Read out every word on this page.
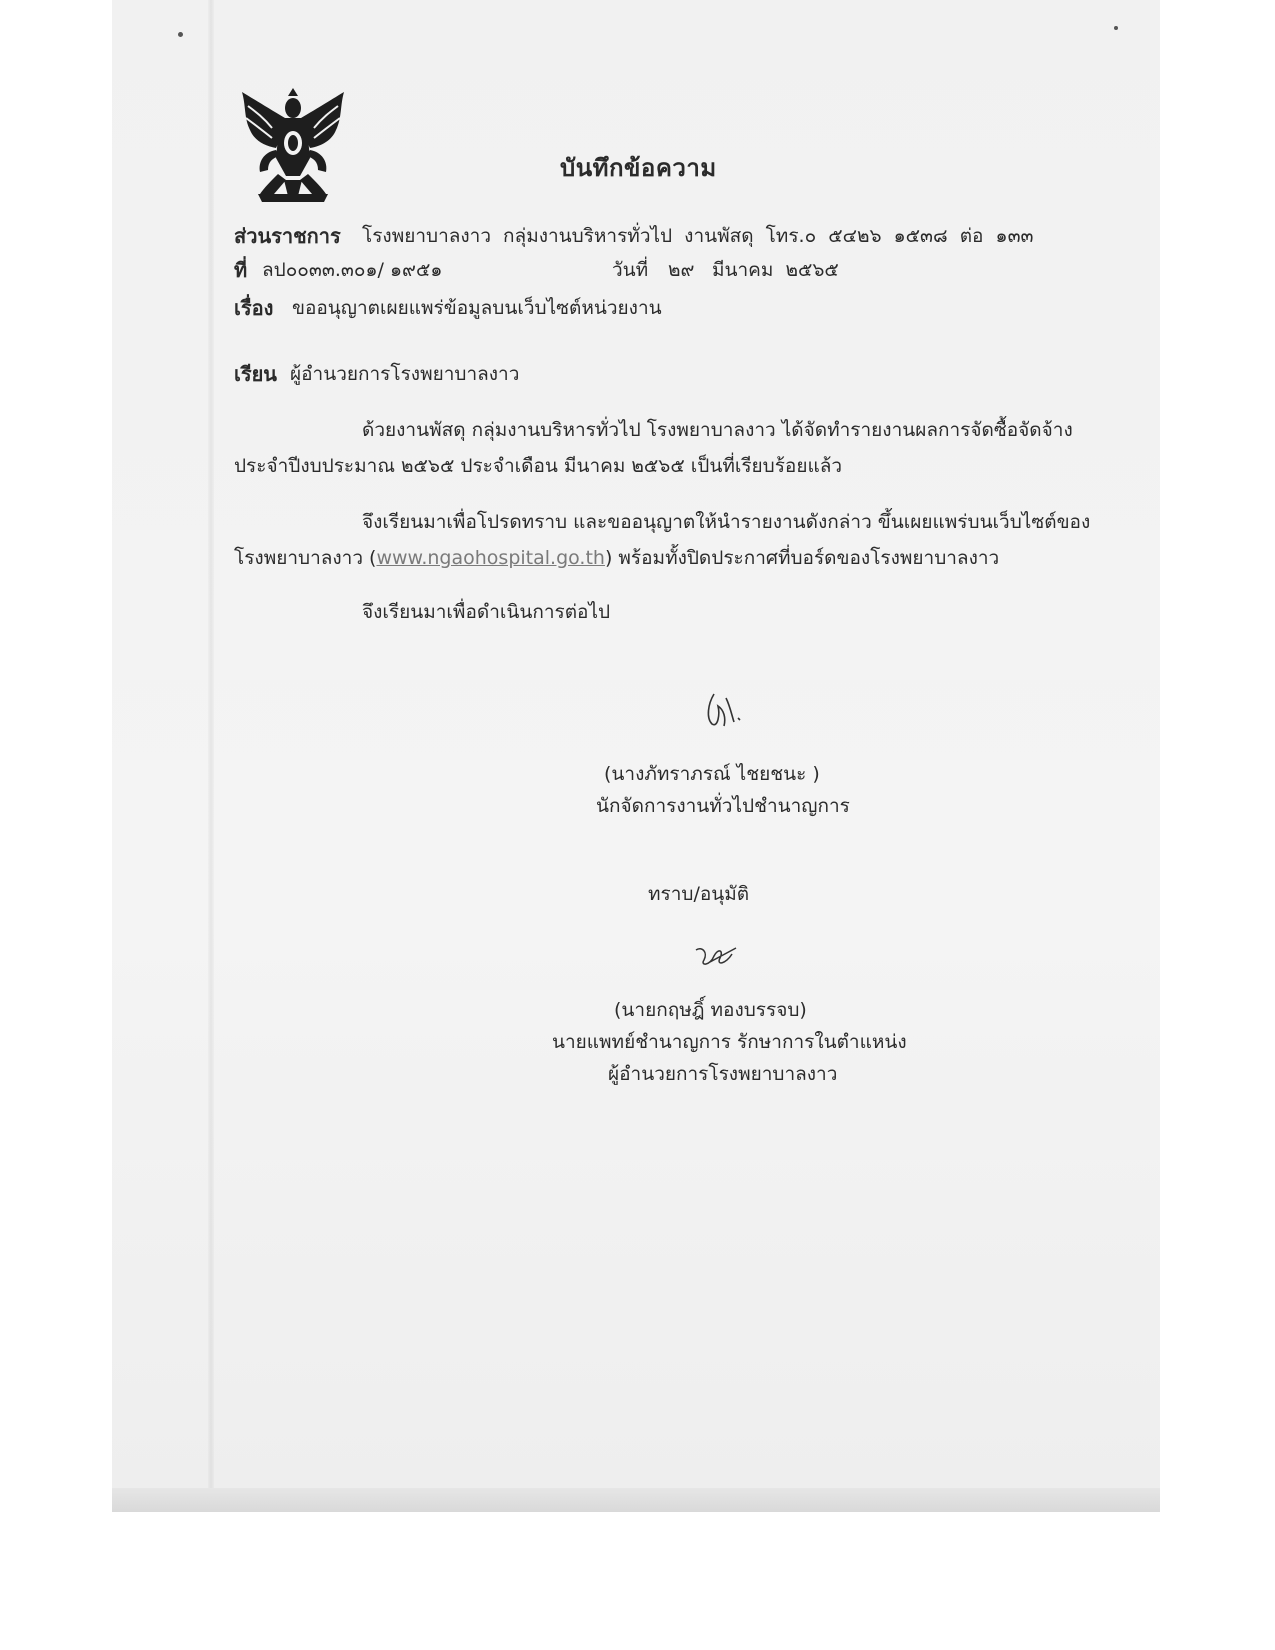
บันทึกข้อความ
ส่วนราชการ โรงพยาบาลงาว กลุ่มงานบริหารทั่วไป งานพัสดุ โทร.๐ ๕๔๒๖ ๑๕๓๘ ต่อ ๑๓๓
ที่ ลป๐๐๓๓.๓๐๑/ ๑๙๕๑	วันที่ ๒๙ มีนาคม ๒๕๖๕
เรื่อง ขออนุญาตเผยแพร่ข้อมูลบนเว็บไซต์หน่วยงาน
เรียน ผู้อำนวยการโรงพยาบาลงาว
ด้วยงานพัสดุ กลุ่มงานบริหารทั่วไป โรงพยาบาลงาว ได้จัดทำรายงานผลการจัดซื้อจัดจ้าง
ประจำปีงบประมาณ ๒๕๖๕ ประจำเดือน มีนาคม ๒๕๖๕ เป็นที่เรียบร้อยแล้ว
จึงเรียนมาเพื่อโปรดทราบ และขออนุญาตให้นำรายงานดังกล่าว ขึ้นเผยแพร่บนเว็บไซต์ของ
โรงพยาบาลงาว (www.ngaohospital.go.th) พร้อมทั้งปิดประกาศที่บอร์ดของโรงพยาบาลงาว
จึงเรียนมาเพื่อดำเนินการต่อไป
(นางภัทราภรณ์ ไชยชนะ )
นักจัดการงานทั่วไปชำนาญการ
ทราบ/อนุมัติ
(นายกฤษฎิ์ ทองบรรจบ)
นายแพทย์ชำนาญการ รักษาการในตำแหน่ง
ผู้อำนวยการโรงพยาบาลงาว
